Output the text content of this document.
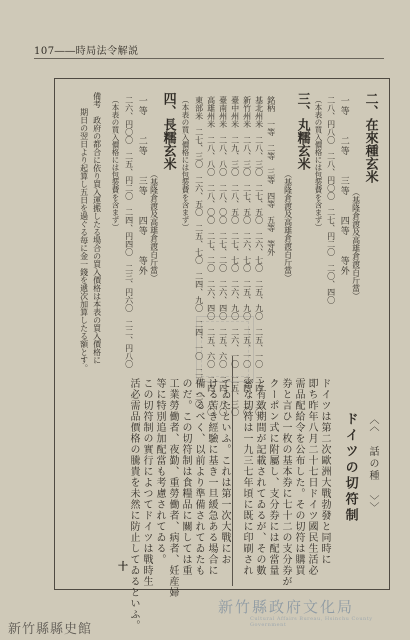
107――時局法令解説
二、在來種玄米
（基隆倉渡及高雄倉渡百斤當）
一等　　二等　　三等　　四等　　等外
二八、円八〇　二八、円〇〇　二七、円二〇　二〇、四〇
（本表の買入價格には包裝費を含まず）
三、丸糯玄米
（基隆倉渡及高雄倉渡百斤當）
銘柄　一等　二等　三等　四等　五等　等外
基北州米　二八、三〇　二七、五〇　二六、七〇　二五、九〇　二五、一〇　二四、三〇
新竹州米　二八、三〇　二七、五〇　二六、七〇　二五、九〇　二五、一〇　二四、三〇
臺中州米　二九、三〇　二八、五〇　二七、七〇　二六、九〇　二六、一〇　二五、三〇
臺南州米　二八、八〇　二八、〇〇　二七、二〇　二六、四〇　二五、六〇　二四、八〇
高雄州米　二八、八〇　二八、〇〇　二七、二〇　二六、四〇　二五、六〇　二四、八〇
東部米　二七、三〇　二六、五〇　二五、七〇　二四、九〇　二四、一〇　二三、三〇
（本表の買入價格には包裝費を含まず）
四、長糯玄米
（基隆倉渡及高雄倉渡百斤當）
一等　　二等　　三等　　四等　　等外
二六、円〇〇　二五、円二〇　二四、円四〇　二三、円六〇　二二、円八〇
（本表の買入價格には包裝費を含まず）
備考　政府の都合に依り買入運搬したる場合の買入價格は本表の買入價格に
　　期日の翌日より起算し五日を過ぐる毎に金一錢を遞次加算したる額とす。
〈〈 話の種 〉〉
ドイツの切符制
ドイツは第二次歐洲大戰勃發と同時に
即ち昨年八月二十七日ドイツ國民生活必
需品配給令を公布した。その切符は購買
券と言ひ一枚の基本券に七十二の支分券が
クーポン式に附屬し、支分券には配當量
と有效期間が記載されてゐるが、その數
密な切符は一九三七年頃に既に印刷され
てゐたといふ。これは第一次大戰にお
ける苦き經驗に基き一旦緩急ある場合に
備へるべく、以前より準備されてゐたも
のだ。この切符制は食糧品に關しては重
工業勞働者、夜勤、重勞働者、病者、妊産婦
等に特別追加配當も考慮されてゐる。
この切符制の實行によつてドイツは戰時生
活必需品價格の騰貴を未然に防止してゐるといふ。
十
新竹縣縣史館
新竹縣政府文化局
Cultural Affairs Bureau, Hsinchu County Government
